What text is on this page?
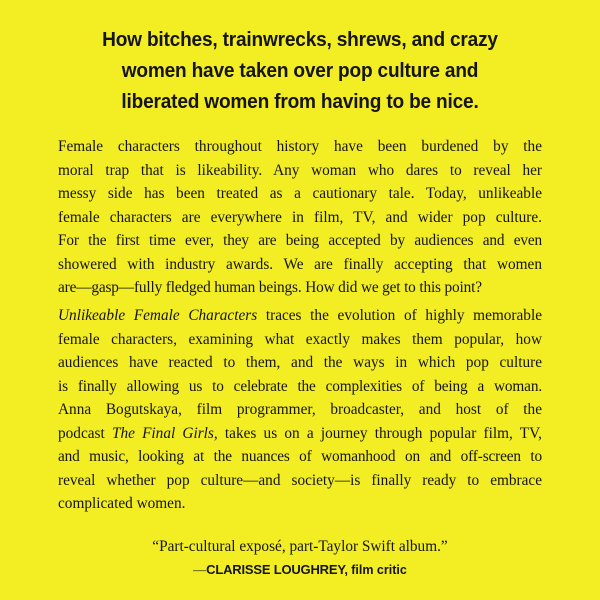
How bitches, trainwrecks, shrews, and crazy
women have taken over pop culture and
liberated women from having to be nice.
Female characters throughout history have been burdened by the
moral trap that is likeability. Any woman who dares to reveal her
messy side has been treated as a cautionary tale. Today, unlikeable
female characters are everywhere in film, TV, and wider pop culture.
For the first time ever, they are being accepted by audiences and even
showered with industry awards. We are finally accepting that women
are—gasp—fully fledged human beings. How did we get to this point?
Unlikeable Female Characters traces the evolution of highly memorable
female characters, examining what exactly makes them popular, how
audiences have reacted to them, and the ways in which pop culture
is finally allowing us to celebrate the complexities of being a woman.
Anna Bogutskaya, film programmer, broadcaster, and host of the
podcast The Final Girls, takes us on a journey through popular film, TV,
and music, looking at the nuances of womanhood on and off-screen to
reveal whether pop culture—and society—is finally ready to embrace
complicated women.
“Part-cultural exposé, part-Taylor Swift album.”
—CLARISSE LOUGHREY, film critic
